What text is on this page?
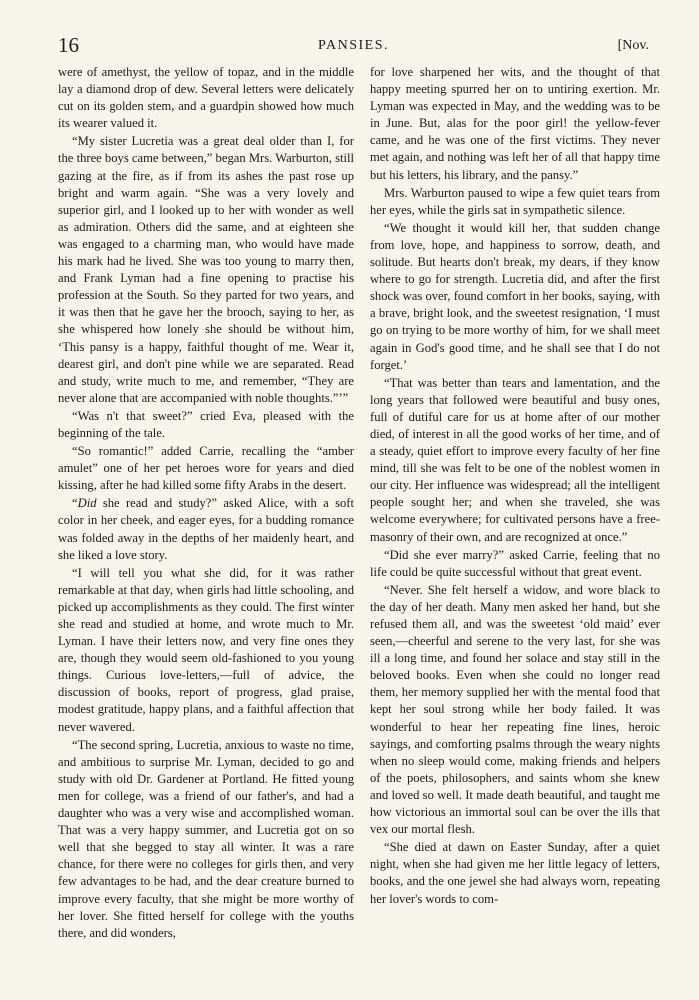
16	PANSIES.	[Nov.

were of amethyst, the yellow of topaz, and in the middle lay a diamond drop of dew. Several letters were delicately cut on its golden stem, and a guardpin showed how much its wearer valued it.

“My sister Lucretia was a great deal older than I, for the three boys came between,” began Mrs. Warburton, still gazing at the fire, as if from its ashes the past rose up bright and warm again. “She was a very lovely and superior girl, and I looked up to her with wonder as well as admiration. Others did the same, and at eighteen she was engaged to a charming man, who would have made his mark had he lived. She was too young to marry then, and Frank Lyman had a fine opening to practise his profession at the South. So they parted for two years, and it was then that he gave her the brooch, saying to her, as she whispered how lonely she should be without him, ‘This pansy is a happy, faithful thought of me. Wear it, dearest girl, and don't pine while we are separated. Read and study, write much to me, and remember, “They are never alone that are accompanied with noble thoughts.”’”

“Was n't that sweet?” cried Eva, pleased with the beginning of the tale.

“So romantic!” added Carrie, recalling the “amber amulet” one of her pet heroes wore for years and died kissing, after he had killed some fifty Arabs in the desert.

“Did she read and study?” asked Alice, with a soft color in her cheek, and eager eyes, for a budding romance was folded away in the depths of her maidenly heart, and she liked a love story.

“I will tell you what she did, for it was rather remarkable at that day, when girls had little schooling, and picked up accomplishments as they could. The first winter she read and studied at home, and wrote much to Mr. Lyman. I have their letters now, and very fine ones they are, though they would seem old-fashioned to you young things. Curious love-letters,—full of advice, the discussion of books, report of progress, glad praise, modest gratitude, happy plans, and a faithful affection that never wavered.

“The second spring, Lucretia, anxious to waste no time, and ambitious to surprise Mr. Lyman, decided to go and study with old Dr. Gardener at Portland. He fitted young men for college, was a friend of our father's, and had a daughter who was a very wise and accomplished woman. That was a very happy summer, and Lucretia got on so well that she begged to stay all winter. It was a rare chance, for there were no colleges for girls then, and very few advantages to be had, and the dear creature burned to improve every faculty, that she might be more worthy of her lover. She fitted herself for college with the youths there, and did wonders,

for love sharpened her wits, and the thought of that happy meeting spurred her on to untiring exertion. Mr. Lyman was expected in May, and the wedding was to be in June. But, alas for the poor girl! the yellow-fever came, and he was one of the first victims. They never met again, and nothing was left her of all that happy time but his letters, his library, and the pansy.”

Mrs. Warburton paused to wipe a few quiet tears from her eyes, while the girls sat in sympathetic silence.

“We thought it would kill her, that sudden change from love, hope, and happiness to sorrow, death, and solitude. But hearts don't break, my dears, if they know where to go for strength. Lucretia did, and after the first shock was over, found comfort in her books, saying, with a brave, bright look, and the sweetest resignation, ‘I must go on trying to be more worthy of him, for we shall meet again in God's good time, and he shall see that I do not forget.’

“That was better than tears and lamentation, and the long years that followed were beautiful and busy ones, full of dutiful care for us at home after of our mother died, of interest in all the good works of her time, and of a steady, quiet effort to improve every faculty of her fine mind, till she was felt to be one of the noblest women in our city. Her influence was widespread; all the intelligent people sought her; and when she traveled, she was welcome everywhere; for cultivated persons have a free-masonry of their own, and are recognized at once.”

“Did she ever marry?” asked Carrie, feeling that no life could be quite successful without that great event.

“Never. She felt herself a widow, and wore black to the day of her death. Many men asked her hand, but she refused them all, and was the sweetest ‘old maid’ ever seen,—cheerful and serene to the very last, for she was ill a long time, and found her solace and stay still in the beloved books. Even when she could no longer read them, her memory supplied her with the mental food that kept her soul strong while her body failed. It was wonderful to hear her repeating fine lines, heroic sayings, and comforting psalms through the weary nights when no sleep would come, making friends and helpers of the poets, philosophers, and saints whom she knew and loved so well. It made death beautiful, and taught me how victorious an immortal soul can be over the ills that vex our mortal flesh.

“She died at dawn on Easter Sunday, after a quiet night, when she had given me her little legacy of letters, books, and the one jewel she had always worn, repeating her lover's words to com-
